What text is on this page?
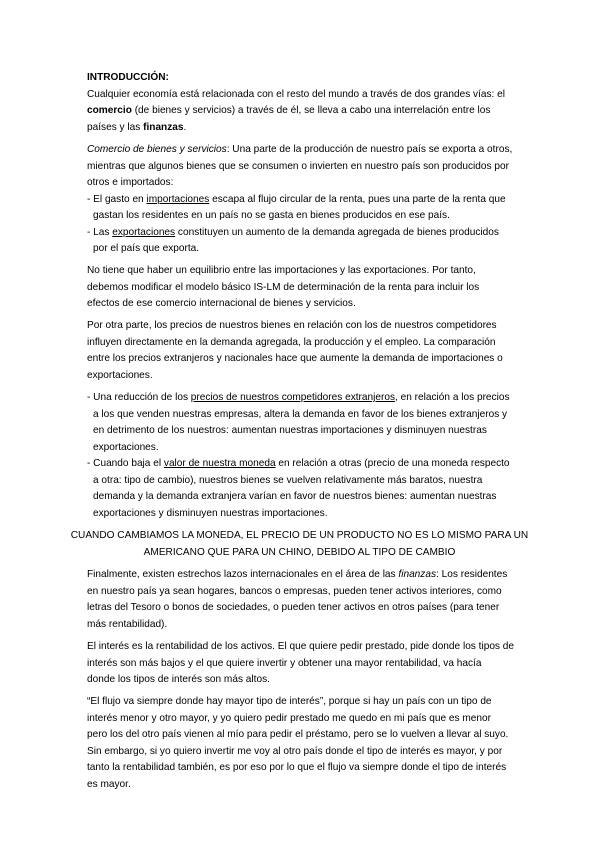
INTRODUCCIÓN:
Cualquier economía está relacionada con el resto del mundo a través de dos grandes vías: el
comercio (de bienes y servicios) a través de él, se lleva a cabo una interrelación entre los
países y las finanzas.
Comercio de bienes y servicios: Una parte de la producción de nuestro país se exporta a otros,
mientras que algunos bienes que se consumen o invierten en nuestro país son producidos por
otros e importados:
- El gasto en importaciones escapa al flujo circular de la renta, pues una parte de la renta que
gastan los residentes en un país no se gasta en bienes producidos en ese país.
- Las exportaciones constituyen un aumento de la demanda agregada de bienes producidos
por el país que exporta.
No tiene que haber un equilibrio entre las importaciones y las exportaciones. Por tanto,
debemos modificar el modelo básico IS-LM de determinación de la renta para incluir los
efectos de ese comercio internacional de bienes y servicios.
Por otra parte, los precios de nuestros bienes en relación con los de nuestros competidores
influyen directamente en la demanda agregada, la producción y el empleo. La comparación
entre los precios extranjeros y nacionales hace que aumente la demanda de importaciones o
exportaciones.
- Una reducción de los precios de nuestros competidores extranjeros, en relación a los precios
a los que venden nuestras empresas, altera la demanda en favor de los bienes extranjeros y
en detrimento de los nuestros: aumentan nuestras importaciones y disminuyen nuestras
exportaciones.
- Cuando baja el valor de nuestra moneda en relación a otras (precio de una moneda respecto
a otra: tipo de cambio), nuestros bienes se vuelven relativamente más baratos, nuestra
demanda y la demanda extranjera varían en favor de nuestros bienes: aumentan nuestras
exportaciones y disminuyen nuestras importaciones.
CUANDO CAMBIAMOS LA MONEDA, EL PRECIO DE UN PRODUCTO NO ES LO MISMO PARA UN
AMERICANO QUE PARA UN CHINO, DEBIDO AL TIPO DE CAMBIO
Finalmente, existen estrechos lazos internacionales en el área de las finanzas: Los residentes
en nuestro país ya sean hogares, bancos o empresas, pueden tener activos interiores, como
letras del Tesoro o bonos de sociedades, o pueden tener activos en otros países (para tener
más rentabilidad).
El interés es la rentabilidad de los activos. El que quiere pedir prestado, pide donde los tipos de
interés son más bajos y el que quiere invertir y obtener una mayor rentabilidad, va hacía
donde los tipos de interés son más altos.
“El flujo va siempre donde hay mayor tipo de interés”, porque si hay un país con un tipo de
interés menor y otro mayor, y yo quiero pedir prestado me quedo en mi país que es menor
pero los del otro país vienen al mío para pedir el préstamo, pero se lo vuelven a llevar al suyo.
Sin embargo, si yo quiero invertir me voy al otro país donde el tipo de interés es mayor, y por
tanto la rentabilidad también, es por eso por lo que el flujo va siempre donde el tipo de interés
es mayor.
